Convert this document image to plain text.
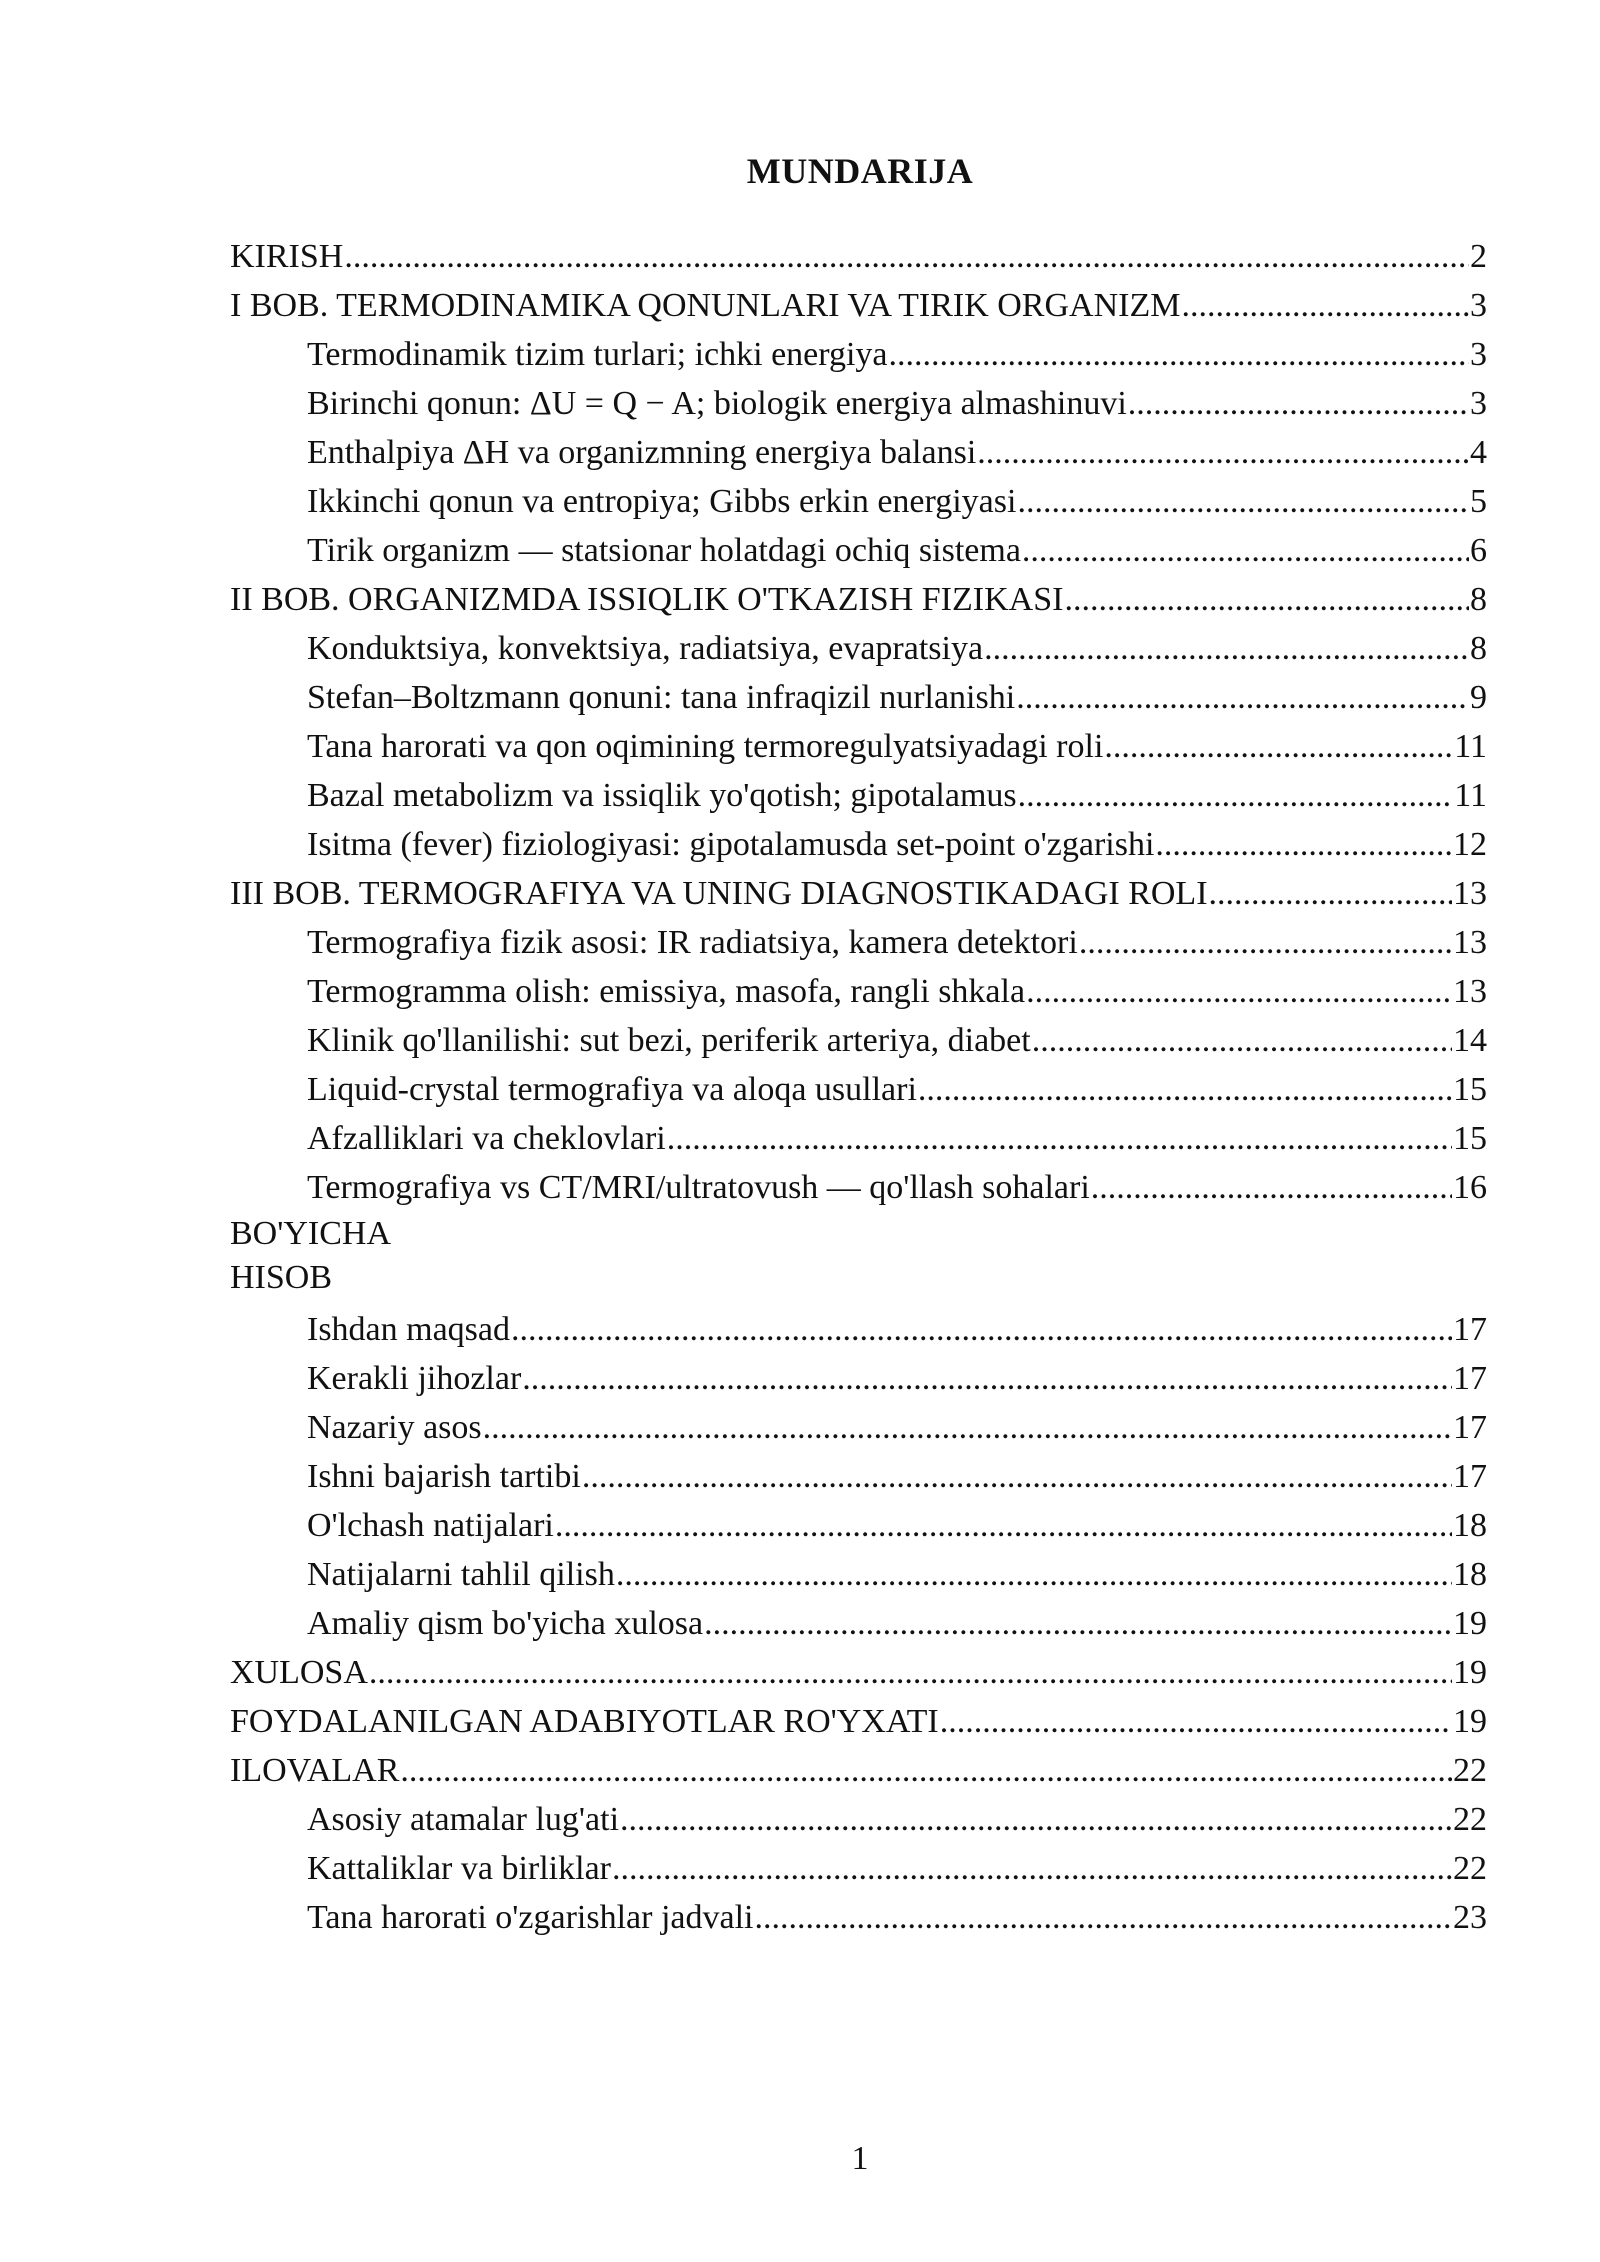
MUNDARIJA
KIRISH .....	2
I BOB. TERMODINAMIKA QONUNLARI VA TIRIK ORGANIZM .....	3
Termodinamik tizim turlari; ichki energiya .....	3
Birinchi qonun: ΔU = Q − A; biologik energiya almashinuvi .....	3
Enthalpiya ΔH va organizmning energiya balansi .....	4
Ikkinchi qonun va entropiya; Gibbs erkin energiyasi .....	5
Tirik organizm — statsionar holatdagi ochiq sistema .....	6
II BOB. ORGANIZMDA ISSIQLIK O'TKAZISH FIZIKASI .....	8
Konduktsiya, konvektsiya, radiatsiya, evapratsiya .....	8
Stefan–Boltzmann qonuni: tana infraqizil nurlanishi .....	9
Tana harorati va qon oqimining termoregulyatsiyadagi roli .....	11
Bazal metabolizm va issiqlik yo'qotish; gipotalamus .....	11
Isitma (fever) fiziologiyasi: gipotalamusda set-point o'zgarishi .....	12
III BOB. TERMOGRAFIYA VA UNING DIAGNOSTIKADAGI ROLI .....	13
Termografiya fizik asosi: IR radiatsiya, kamera detektori .....	13
Termogramma olish: emissiya, masofa, rangli shkala .....	13
Klinik qo'llanilishi: sut bezi, periferik arteriya, diabet .....	14
Liquid-crystal termografiya va aloqa usullari .....	15
Afzalliklari va cheklovlari .....	15
Termografiya vs CT/MRI/ultratovush — qo'llash sohalari .....	16
BO'YICHA HISOB
Ishdan maqsad .....	17
Kerakli jihozlar .....	17
Nazariy asos .....	17
Ishni bajarish tartibi .....	17
O'lchash natijalari .....	18
Natijalarni tahlil qilish .....	18
Amaliy qism bo'yicha xulosa .....	19
XULOSA .....	19
FOYDALANILGAN ADABIYOTLAR RO'YXATI .....	19
ILOVALAR .....	22
Asosiy atamalar lug'ati .....	22
Kattaliklar va birliklar .....	22
Tana harorati o'zgarishlar jadvali .....	23
1
